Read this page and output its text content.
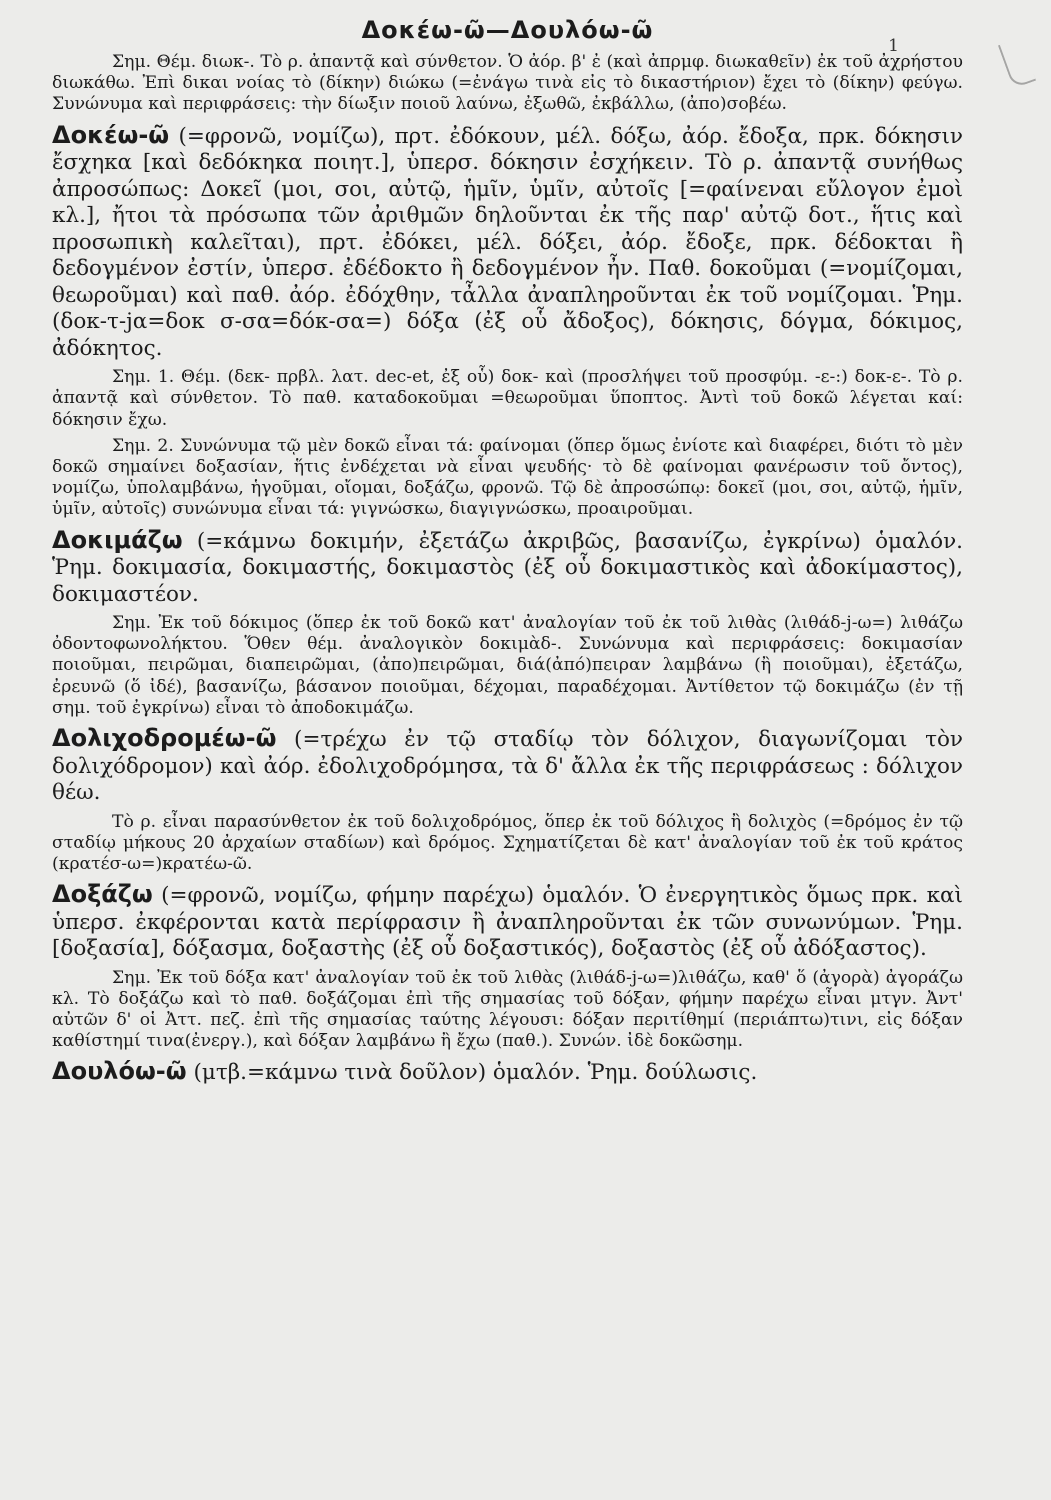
Δοκέω-ῶ—Δουλόω-ῶ
1

Σημ. Θέμ. διωκ-. Τὸ ρ. ἀπαντᾷ καὶ σύνθετον. Ὁ ἀόρ. β' ἐ (καὶ ἀπρμφ. διωκαθεῖν) ἐκ τοῦ ἀχρήστου διωκάθω. Ἐπὶ δικαι νοίας τὸ (δίκην) διώκω (=ἐνάγω τινὰ εἰς τὸ δικαστήριον) ἔχει τὸ (δίκην) φεύγω. Συνώνυμα καὶ περιφράσεις: τὴν δίωξιν ποιοῦ λαύνω, ἐξωθῶ, ἐκβάλλω, (ἀπο)σοβέω.

Δοκέω-ῶ (=φρονῶ, νομίζω), πρτ. ἐδόκουν, μέλ. δόξω, ἀόρ. ἔδοξα, πρκ. δόκησιν ἔσχηκα [καὶ δεδόκηκα ποιητ.], ὑπερσ. δόκησιν ἐσχήκειν. Τὸ ρ. ἀπαντᾷ συνήθως ἀπροσώπως: Δοκεῖ (μοι, σοι, αὐτῷ, ἡμῖν, ὑμῖν, αὐτοῖς [=φαίνεναι εὔλογον ἐμοὶ κλ.], ἤτοι τὰ πρόσωπα τῶν ἀριθμῶν δηλοῦνται ἐκ τῆς παρ' αὐτῷ δοτ., ἥτις καὶ προσωπικὴ καλεῖται), πρτ. ἐδόκει, μέλ. δόξει, ἀόρ. ἔδοξε, πρκ. δέδοκται ἢ δεδογμένον ἐστίν, ὑπερσ. ἐδέδοκτο ἢ δεδογμένον ἦν. Παθ. δοκοῦμαι (=νομίζομαι, θεωροῦμαι) καὶ παθ. ἀόρ. ἐδόχθην, τἆλλα ἀναπληροῦνται ἐκ τοῦ νομίζομαι. Ῥημ. (δοκ-τ-jα=δοκ σ-σα=δόκ-σα=) δόξα (ἐξ οὗ ἄδοξος), δόκησις, δόγμα, δόκιμος, ἀδόκητος.

Σημ. 1. Θέμ. (δεκ- πρβλ. λατ. dec-et, ἐξ οὗ) δοκ- καὶ (προσλήψει τοῦ προσφύμ. -ε-:) δοκ-ε-. Τὸ ρ. ἀπαντᾷ καὶ σύνθετον. Τὸ παθ. καταδοκοῦμαι =θεωροῦμαι ὕποπτος. Ἀντὶ τοῦ δοκῶ λέγεται καί: δόκησιν ἔχω.

Σημ. 2. Συνώνυμα τῷ μὲν δοκῶ εἶναι τά: φαίνομαι (ὅπερ ὅμως ἐνίοτε καὶ διαφέρει, διότι τὸ μὲν δοκῶ σημαίνει δοξασίαν, ἥτις ἐνδέχεται νὰ εἶναι ψευδής· τὸ δὲ φαίνομαι φανέρωσιν τοῦ ὄντος), νομίζω, ὑπολαμβάνω, ἡγοῦμαι, οἴομαι, δοξάζω, φρονῶ. Τῷ δὲ ἀπροσώπῳ: δοκεῖ (μοι, σοι, αὐτῷ, ἡμῖν, ὑμῖν, αὐτοῖς) συνώνυμα εἶναι τά: γιγνώσκω, διαγιγνώσκω, προαιροῦμαι.

Δοκιμάζω (=κάμνω δοκιμήν, ἐξετάζω ἀκριβῶς, βασανίζω, ἐγκρίνω) ὁμαλόν. Ῥημ. δοκιμασία, δοκιμαστής, δοκιμαστὸς (ἐξ οὗ δοκιμαστικὸς καὶ ἀδοκίμαστος), δοκιμαστέον.

Σημ. Ἐκ τοῦ δόκιμος (ὅπερ ἐκ τοῦ δοκῶ κατ' ἀναλογίαν τοῦ ἐκ τοῦ λιθὰς (λιθάδ-j-ω=) λιθάζω ὀδοντοφωνολήκτου. Ὅθεν θέμ. ἀναλογικὸν δοκιμὰδ-. Συνώνυμα καὶ περιφράσεις: δοκιμασίαν ποιοῦμαι, πειρῶμαι, διαπειρῶμαι, (ἀπο)πειρῶμαι, διά(ἀπό)πειραν λαμβάνω (ἢ ποιοῦμαι), ἐξετάζω, ἐρευνῶ (ὅ ἰδέ), βασανίζω, βάσανον ποιοῦμαι, δέχομαι, παραδέχομαι. Ἀντίθετον τῷ δοκιμάζω (ἐν τῇ σημ. τοῦ ἐγκρίνω) εἶναι τὸ ἀποδοκιμάζω.

Δολιχοδρομέω-ῶ (=τρέχω ἐν τῷ σταδίῳ τὸν δόλιχον, διαγωνίζομαι τὸν δολιχόδρομον) καὶ ἀόρ. ἐδολιχοδρόμησα, τὰ δ' ἄλλα ἐκ τῆς περιφράσεως : δόλιχον θέω.

Τὸ ρ. εἶναι παρασύνθετον ἐκ τοῦ δολιχοδρόμος, ὅπερ ἐκ τοῦ δόλιχος ἢ δολιχὸς (=δρόμος ἐν τῷ σταδίῳ μήκους 20 ἀρχαίων σταδίων) καὶ δρόμος. Σχηματίζεται δὲ κατ' ἀναλογίαν τοῦ ἐκ τοῦ κράτος (κρατέσ-ω=)κρατέω-ῶ.

Δοξάζω (=φρονῶ, νομίζω, φήμην παρέχω) ὁμαλόν. Ὁ ἐνεργητικὸς ὅμως πρκ. καὶ ὑπερσ. ἐκφέρονται κατὰ περίφρασιν ἢ ἀναπληροῦνται ἐκ τῶν συνωνύμων. Ῥημ. [δοξασία], δόξασμα, δοξαστὴς (ἐξ οὗ δοξαστικός), δοξαστὸς (ἐξ οὗ ἀδόξαστος).

Σημ. Ἐκ τοῦ δόξα κατ' ἀναλογίαν τοῦ ἐκ τοῦ λιθὰς (λιθάδ-j-ω=)λιθάζω, καθ' ὅ (ἀγορὰ) ἀγοράζω κλ. Τὸ δοξάζω καὶ τὸ παθ. δοξάζομαι ἐπὶ τῆς σημασίας τοῦ δόξαν, φήμην παρέχω εἶναι μτγν. Ἀντ' αὐτῶν δ' οἱ Ἀττ. πεζ. ἐπὶ τῆς σημασίας ταύτης λέγουσι: δόξαν περιτίθημί (περιάπτω)τινι, εἰς δόξαν καθίστημί τινα(ἐνεργ.), καὶ δόξαν λαμβάνω ἢ ἔχω (παθ.). Συνών. ἰδὲ δοκῶσημ.

Δουλόω-ῶ (μτβ.=κάμνω τινὰ δοῦλον) ὁμαλόν. Ῥημ. δούλωσις.
